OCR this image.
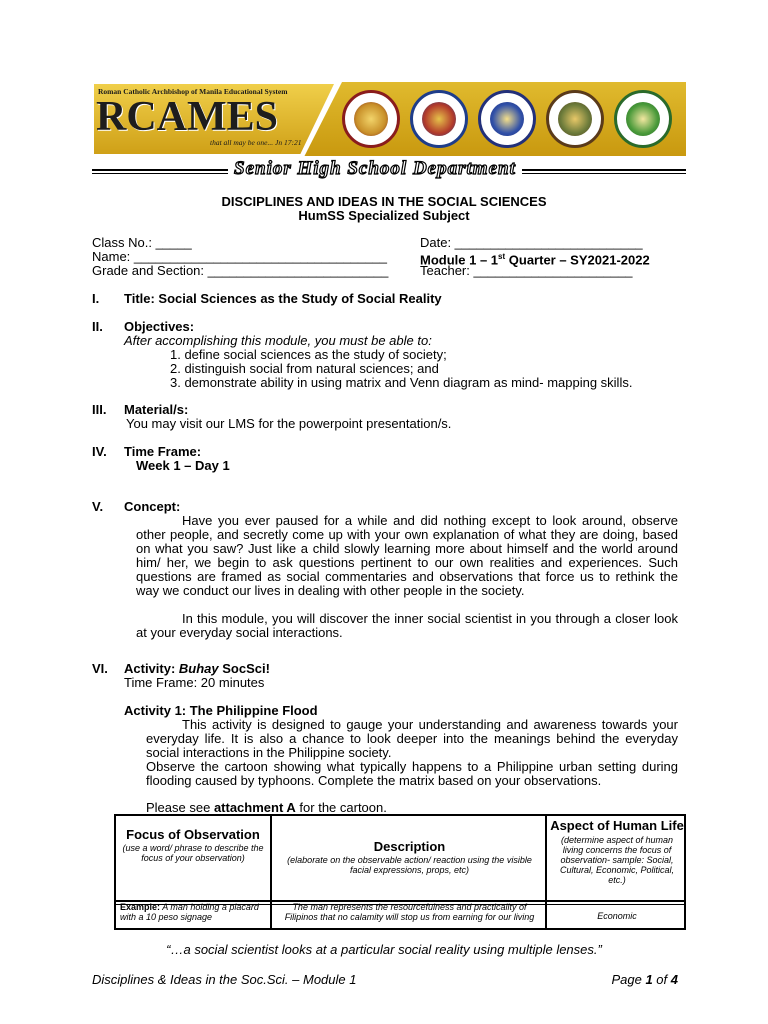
Roman Catholic Archbishop of Manila Educational System
RCAMES
that all may be one... Jn 17:21
Senior High School Department
DISCIPLINES AND IDEAS IN THE SOCIAL SCIENCES
HumSS Specialized Subject
Class No.: _____
Name: ___________________________________
Grade and Section: _________________________
Date: __________________________
Module 1 – 1st Quarter – SY2021-2022
Teacher: ______________________
I. Title: Social Sciences as the Study of Social Reality
II. Objectives:
After accomplishing this module, you must be able to:
1. define social sciences as the study of society;
2. distinguish social from natural sciences; and
3. demonstrate ability in using matrix and Venn diagram as mind- mapping skills.
III. Material/s:
You may visit our LMS for the powerpoint presentation/s.
IV. Time Frame:
Week 1 – Day 1
V. Concept:
Have you ever paused for a while and did nothing except to look around, observe other people, and secretly come up with your own explanation of what they are doing, based on what you saw? Just like a child slowly learning more about himself and the world around him/ her, we begin to ask questions pertinent to our own realities and experiences. Such questions are framed as social commentaries and observations that force us to rethink the way we conduct our lives in dealing with other people in the society.
In this module, you will discover the inner social scientist in you through a closer look at your everyday social interactions.
VI. Activity: Buhay SocSci!
Time Frame: 20 minutes
Activity 1: The Philippine Flood
This activity is designed to gauge your understanding and awareness towards your everyday life. It is also a chance to look deeper into the meanings behind the everyday social interactions in the Philippine society.
Observe the cartoon showing what typically happens to a Philippine urban setting during flooding caused by typhoons. Complete the matrix based on your observations.
Please see attachment A for the cartoon.
Focus of Observation
(use a word/ phrase to describe the focus of your observation)
Description
(elaborate on the observable action/ reaction using the visible facial expressions, props, etc)
Aspect of Human Life
(determine aspect of human living concerns the focus of observation- sample: Social, Cultural, Economic, Political, etc.)
Example: A man holding a placard with a 10 peso signage
The man represents the resourcefulness and practicality of Filipinos that no calamity will stop us from earning for our living	Economic
“…a social scientist looks at a particular social reality using multiple lenses.”
Disciplines & Ideas in the Soc.Sci. – Module 1	Page 1 of 4
